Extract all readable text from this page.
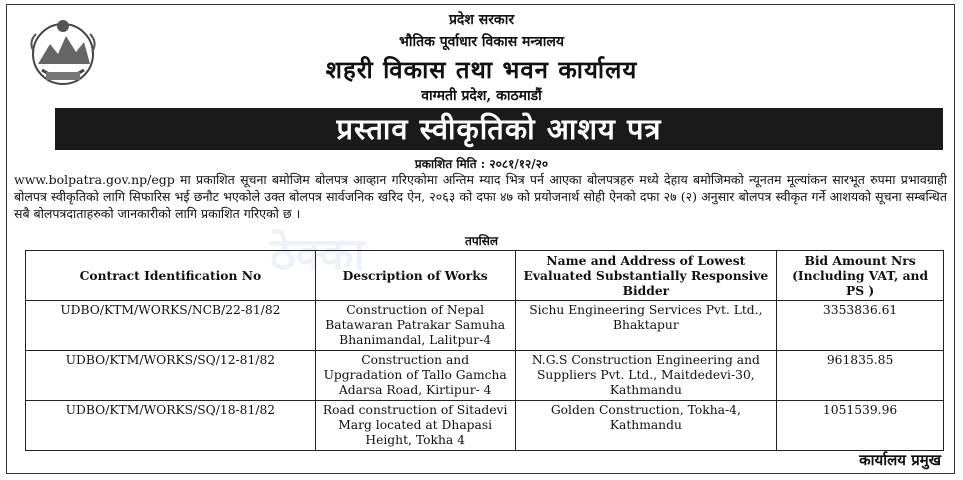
प्रदेश सरकार
भौतिक पूर्वाधार विकास मन्त्रालय
शहरी विकास तथा भवन कार्यालय
वाग्मती प्रदेश, काठमाडौं
प्रस्ताव स्वीकृतिको आशय पत्र
प्रकाशित मिति : २०८१/१२/२०
www.bolpatra.gov.np/egp मा प्रकाशित सूचना बमोजिम बोलपत्र आव्हान गरिएकोमा अन्तिम म्याद भित्र पर्न आएका बोलपत्रहरु मध्ये देहाय बमोजिमको न्यूनतम मूल्यांकन सारभूत रुपमा प्रभावग्राही बोलपत्र स्वीकृतिको लागि सिफारिस भई छनौट भएकोले उक्त बोलपत्र सार्वजनिक खरिद ऐन, २०६३ को दफा ४७ को प्रयोजनार्थ सोही ऐनको दफा २७ (२) अनुसार बोलपत्र स्वीकृत गर्ने आशयको सूचना सम्बन्धित सबै बोलपत्रदाताहरुको जानकारीको लागि प्रकाशित गरिएको छ ।
ठेक्का	तपसिल
Contract Identification No	Description of Works	Name and Address of Lowest Evaluated Substantially Responsive Bidder	Bid Amount Nrs (Including VAT, and PS )
UDBO/KTM/WORKS/NCB/22-81/82	Construction of Nepal Batawaran Patrakar Samuha Bhanimandal, Lalitpur-4	Sichu Engineering Services Pvt. Ltd., Bhaktapur	3353836.61
UDBO/KTM/WORKS/SQ/12-81/82	Construction and Upgradation of Tallo Gamcha Adarsa Road, Kirtipur- 4	N.G.S Construction Engineering and Suppliers Pvt. Ltd., Maitdedevi-30, Kathmandu	961835.85
UDBO/KTM/WORKS/SQ/18-81/82	Road construction of Sitadevi Marg located at Dhapasi Height, Tokha 4	Golden Construction, Tokha-4, Kathmandu	1051539.96
कार्यालय प्रमुख
